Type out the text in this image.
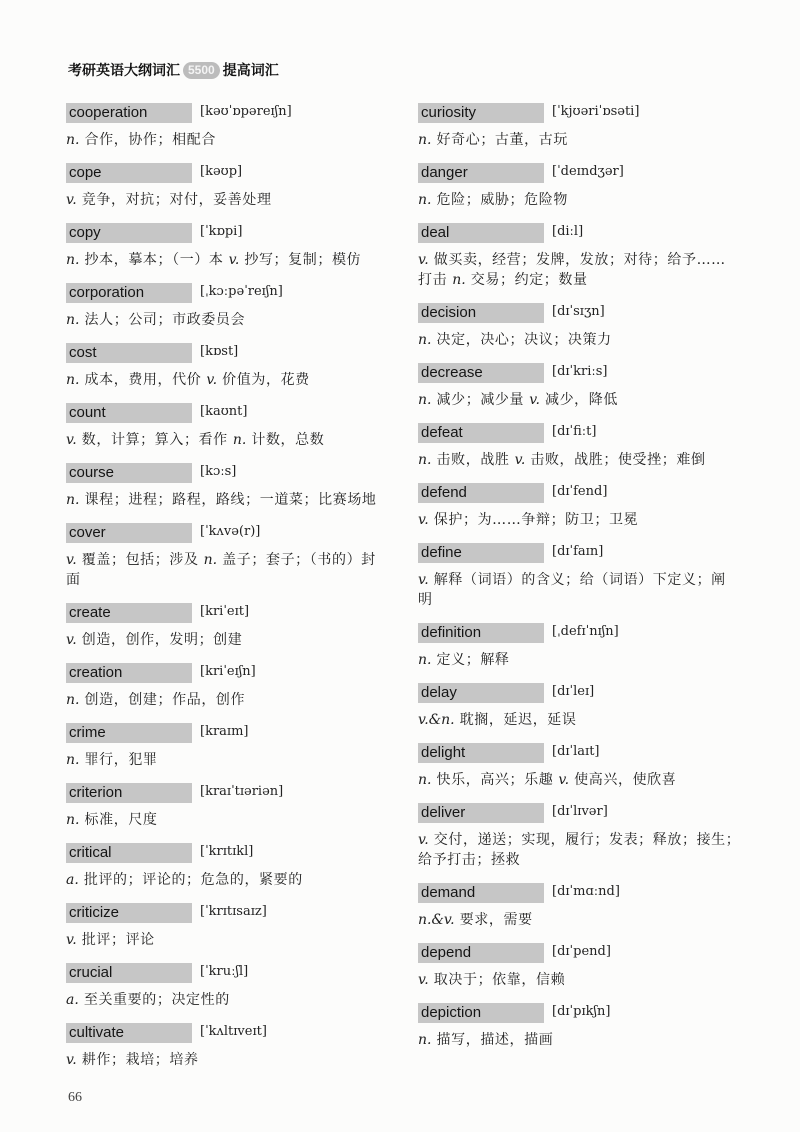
考研英语大纲词汇 5500 提高词汇
cooperation	[kəʊˈɒpəreɪʃn]
n. 合作，协作；相配合
cope	[kəʊp]
v. 竞争，对抗；对付，妥善处理
copy	[ˈkɒpi]
n. 抄本，摹本；（一）本 v. 抄写；复制；模仿
corporation	[ˌkɔːpəˈreɪʃn]
n. 法人；公司；市政委员会
cost	[kɒst]
n. 成本，费用，代价 v. 价值为，花费
count	[kaʊnt]
v. 数，计算；算入；看作 n. 计数，总数
course	[kɔːs]
n. 课程；进程；路程，路线；一道菜；比赛场地
cover	[ˈkʌvə(r)]
v. 覆盖；包括；涉及 n. 盖子；套子；（书的）封
面
create	[kriˈeɪt]
v. 创造，创作，发明；创建
creation	[kriˈeɪʃn]
n. 创造，创建；作品，创作
crime	[kraɪm]
n. 罪行，犯罪
criterion	[kraɪˈtɪəriən]
n. 标准，尺度
critical	[ˈkrɪtɪkl]
a. 批评的；评论的；危急的，紧要的
criticize	[ˈkrɪtɪsaɪz]
v. 批评；评论
crucial	[ˈkruːʃl]
a. 至关重要的；决定性的
cultivate	[ˈkʌltɪveɪt]
v. 耕作；栽培；培养
curiosity	[ˈkjʊəriˈɒsəti]
n. 好奇心；古董，古玩
danger	[ˈdeɪndʒər]
n. 危险；威胁；危险物
deal	[diːl]
v. 做买卖，经营；发牌，发放；对待；给予……
打击 n. 交易；约定；数量
decision	[dɪˈsɪʒn]
n. 决定，决心；决议；决策力
decrease	[dɪˈkriːs]
n. 减少；减少量 v. 减少，降低
defeat	[dɪˈfiːt]
n. 击败，战胜 v. 击败，战胜；使受挫；难倒
defend	[dɪˈfend]
v. 保护；为……争辩；防卫；卫冕
define	[dɪˈfaɪn]
v. 解释（词语）的含义；给（词语）下定义；阐
明
definition	[ˌdefɪˈnɪʃn]
n. 定义；解释
delay	[dɪˈleɪ]
v.&n. 耽搁，延迟，延误
delight	[dɪˈlaɪt]
n. 快乐，高兴；乐趣 v. 使高兴，使欣喜
deliver	[dɪˈlɪvər]
v. 交付，递送；实现，履行；发表；释放；接生；
给予打击；拯救
demand	[dɪˈmɑːnd]
n.&v. 要求，需要
depend	[dɪˈpend]
v. 取决于；依靠，信赖
depiction	[dɪˈpɪkʃn]
n. 描写，描述，描画
66
